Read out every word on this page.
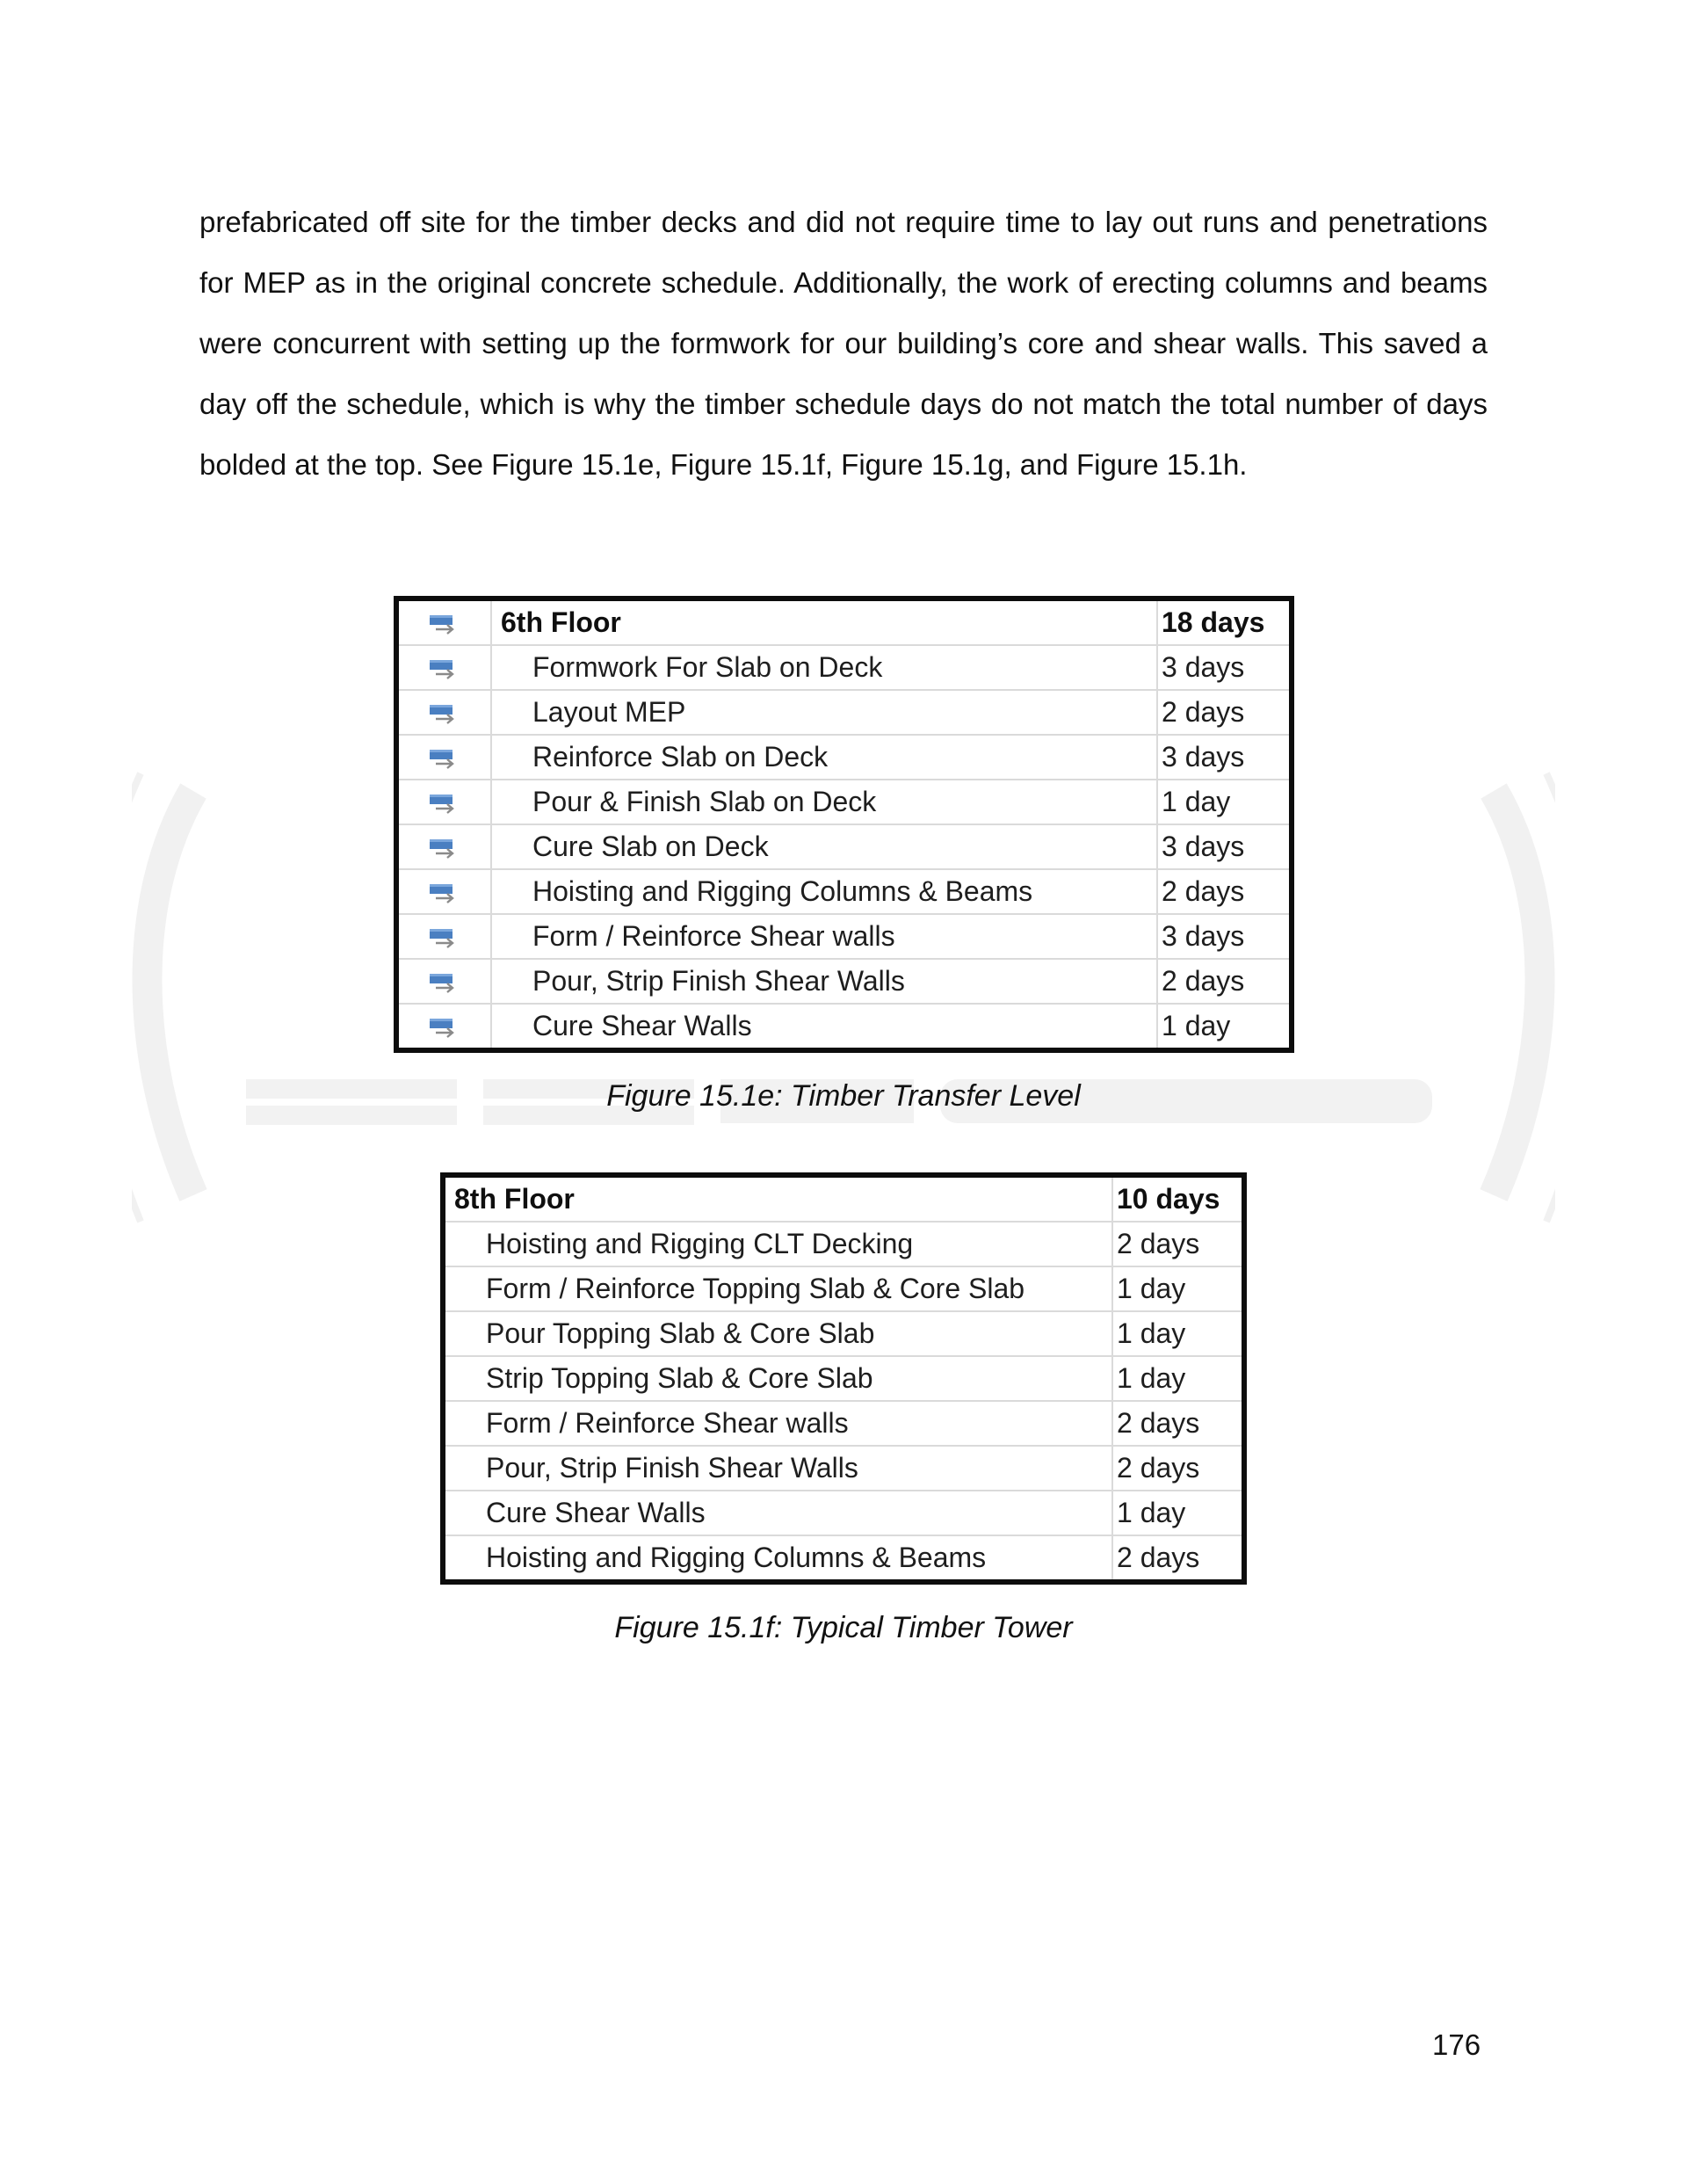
prefabricated off site for the timber decks and did not require time to lay out runs and penetrations for MEP as in the original concrete schedule. Additionally, the work of erecting columns and beams were concurrent with setting up the formwork for our building’s core and shear walls. This saved a day off the schedule, which is why the timber schedule days do not match the total number of days bolded at the top. See Figure 15.1e, Figure 15.1f, Figure 15.1g, and Figure 15.1h.

		6th Floor	18 days
		Formwork For Slab on Deck	3 days
		Layout MEP	2 days
		Reinforce Slab on Deck	3 days
		Pour & Finish Slab on Deck	1 day
		Cure Slab on Deck	3 days
		Hoisting and Rigging Columns & Beams	2 days
		Form / Reinforce Shear walls	3 days
		Pour, Strip Finish Shear Walls	2 days
		Cure Shear Walls	1 day
Figure 15.1e: Timber Transfer Level
8th Floor	10 days
Hoisting and Rigging CLT Decking	2 days
Form / Reinforce Topping Slab & Core Slab	1 day
Pour Topping Slab & Core Slab	1 day
Strip Topping Slab & Core Slab	1 day
Form / Reinforce Shear walls	2 days
Pour, Strip Finish Shear Walls	2 days
Cure Shear Walls	1 day
Hoisting and Rigging Columns & Beams	2 days
Figure 15.1f: Typical Timber Tower
176
